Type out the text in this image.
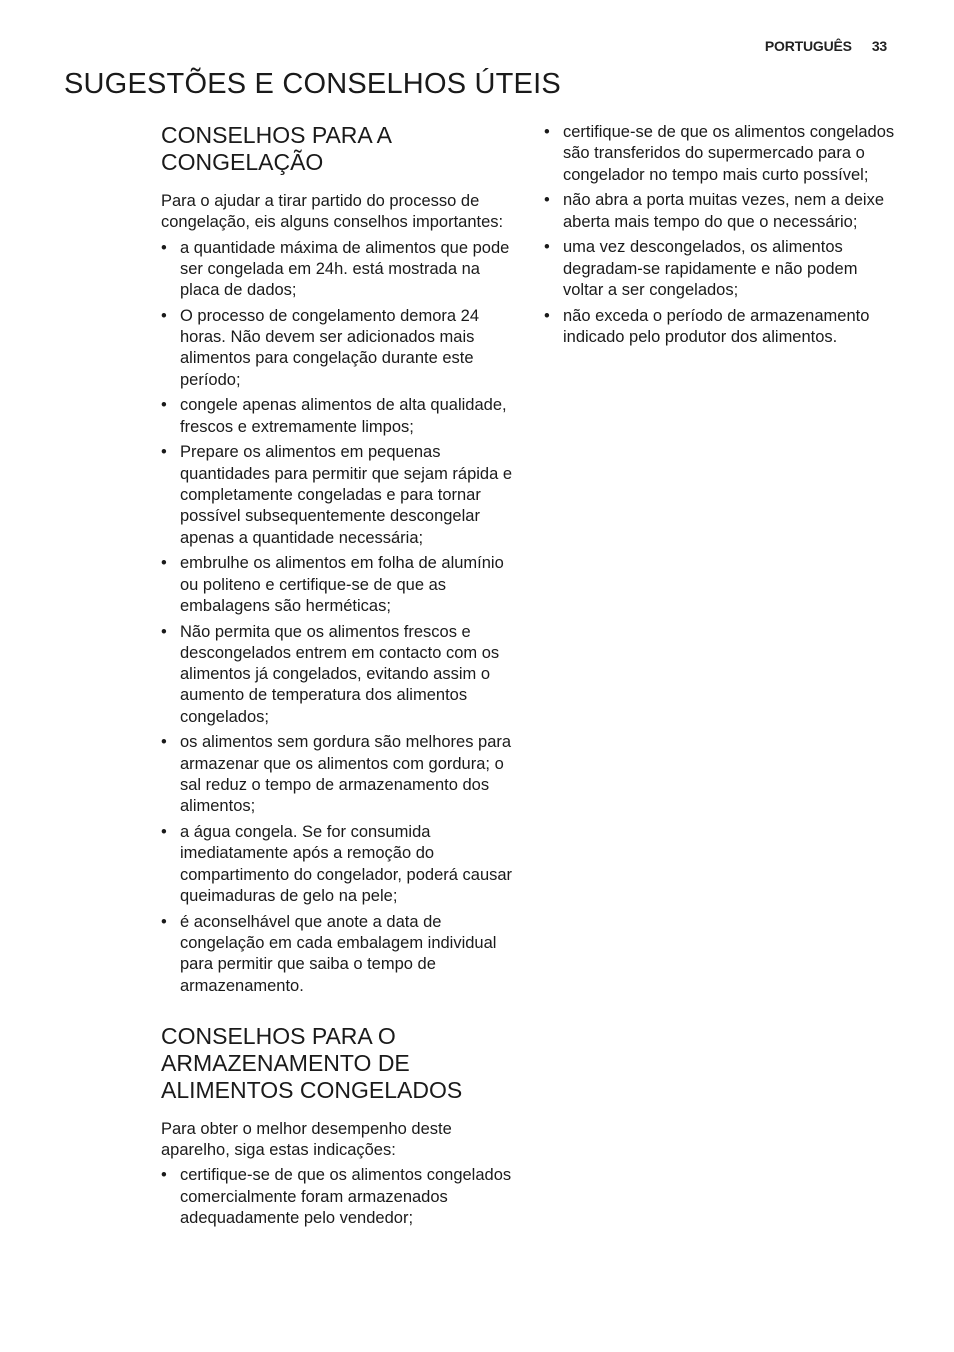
PORTUGUÊS 33
SUGESTÕES E CONSELHOS ÚTEIS
CONSELHOS PARA A
CONGELAÇÃO

Para o ajudar a tirar partido do processo de congelação, eis alguns conselhos importantes:

• a quantidade máxima de alimentos que pode ser congelada em 24h. está mostrada na placa de dados;
• O processo de congelamento demora 24 horas. Não devem ser adicionados mais alimentos para congelação durante este período;
• congele apenas alimentos de alta qualidade, frescos e extremamente limpos;
• Prepare os alimentos em pequenas quantidades para permitir que sejam rápida e completamente congeladas e para tornar possível subsequentemente descongelar apenas a quantidade necessária;
• embrulhe os alimentos em folha de alumínio ou politeno e certifique-se de que as embalagens são herméticas;
• Não permita que os alimentos frescos e descongelados entrem em contacto com os alimentos já congelados, evitando assim o aumento de temperatura dos alimentos congelados;
• os alimentos sem gordura são melhores para armazenar que os alimentos com gordura; o sal reduz o tempo de armazenamento dos alimentos;
• a água congela. Se for consumida imediatamente após a remoção do compartimento do congelador, poderá causar queimaduras de gelo na pele;
• é aconselhável que anote a data de congelação em cada embalagem individual para permitir que saiba o tempo de armazenamento.
CONSELHOS PARA O
ARMAZENAMENTO DE
ALIMENTOS CONGELADOS

Para obter o melhor desempenho deste aparelho, siga estas indicações:

• certifique-se de que os alimentos congelados comercialmente foram armazenados adequadamente pelo vendedor;
• certifique-se de que os alimentos congelados são transferidos do supermercado para o congelador no tempo mais curto possível;
• não abra a porta muitas vezes, nem a deixe aberta mais tempo do que o necessário;
• uma vez descongelados, os alimentos degradam-se rapidamente e não podem voltar a ser congelados;
• não exceda o período de armazenamento indicado pelo produtor dos alimentos.
